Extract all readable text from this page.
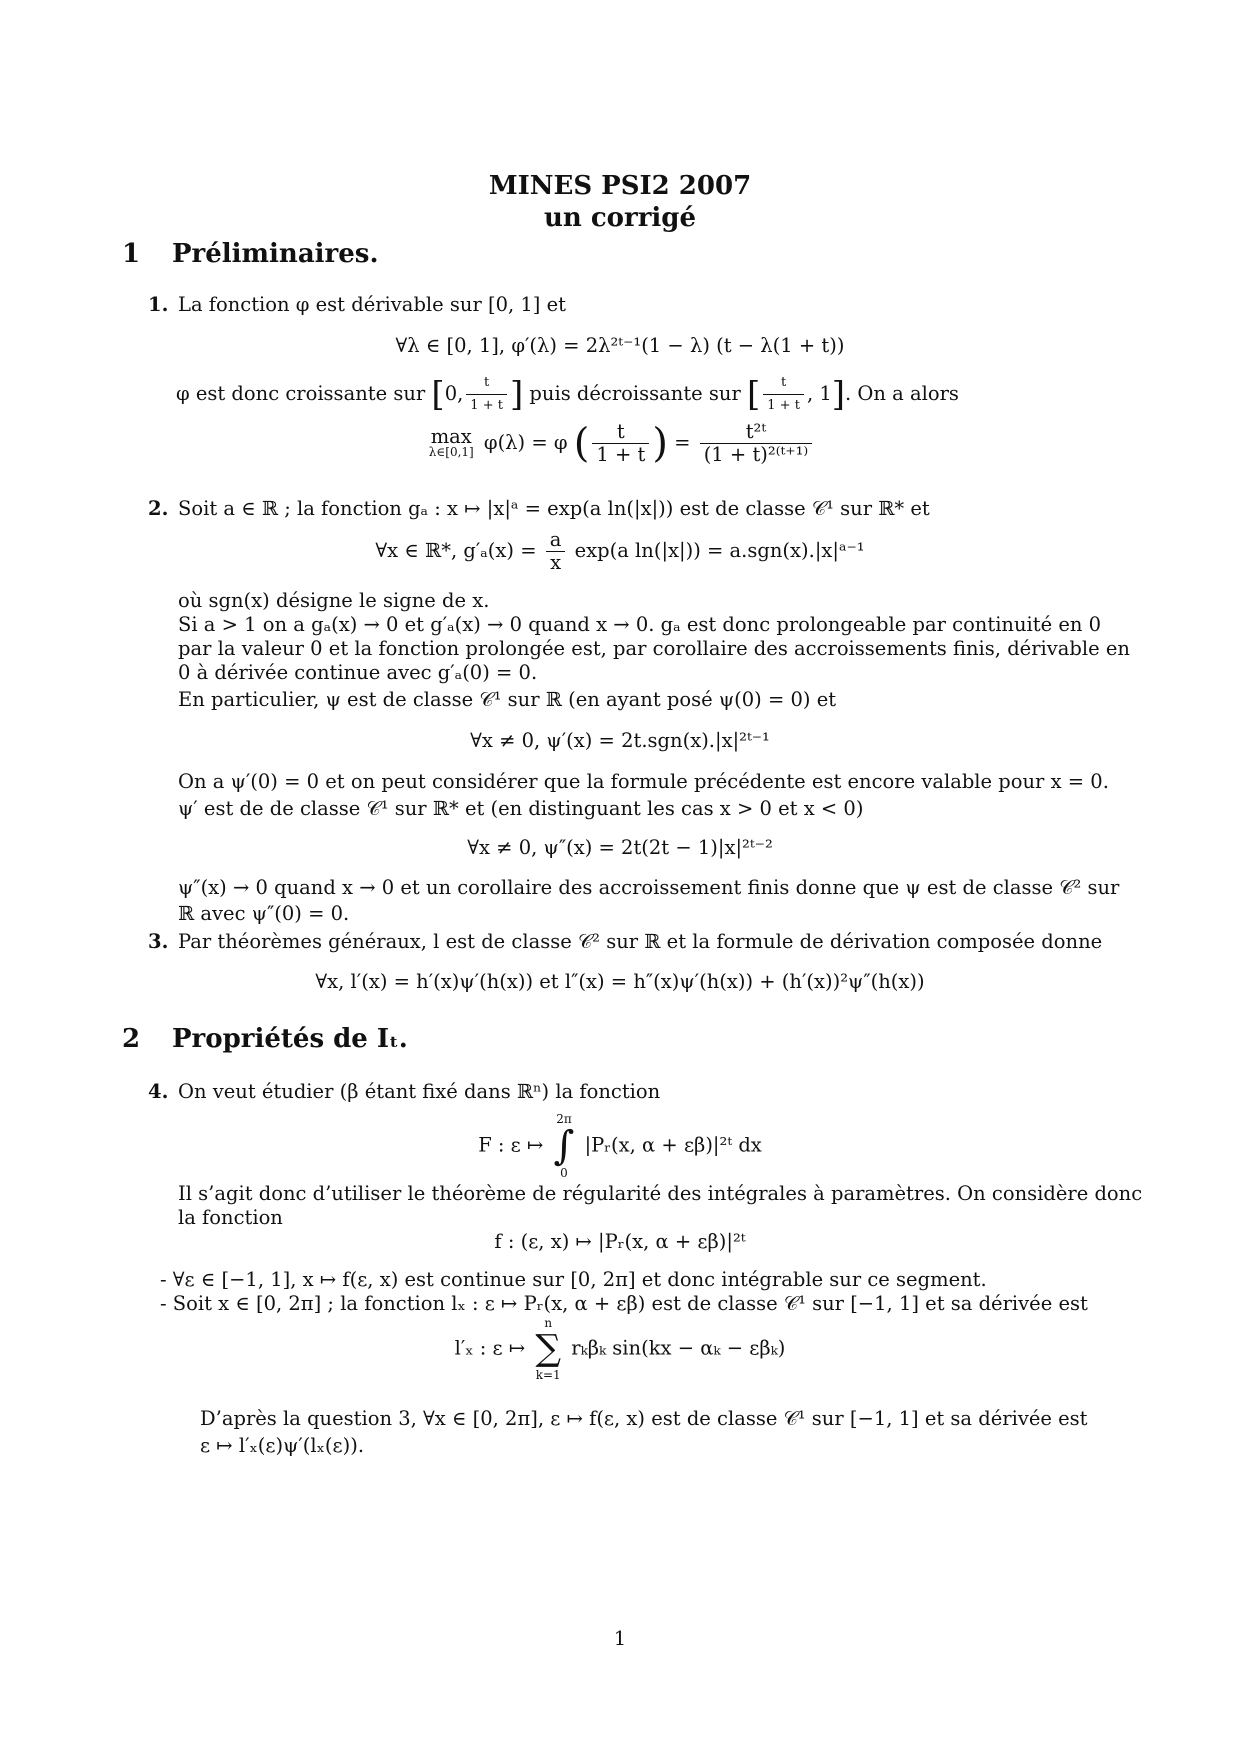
MINES PSI2 2007
un corrigé
1 Préliminaires.
1. La fonction φ est dérivable sur [0, 1] et
∀λ ∈ [0, 1], φ′(λ) = 2λ²ᵗ⁻¹(1 − λ) (t − λ(1 + t))
φ est donc croissante sur [0, $\frac{t}{1 + t}$ ] puis décroissante sur [ $\frac{t}{1 + t}$ , 1]. On a alors
max
λ∈[0,1] φ(λ) = φ ( $\frac{t}{1 + t}$ ) = $\frac{\text{t²ᵗ}}{\text{(1 + t)²⁽ᵗ⁺¹⁾}}$
2. Soit a ∈ ℝ ; la fonction gₐ : x ↦ |x|ᵃ = exp(a ln(|x|)) est de classe 𝒞¹ sur ℝ* et
∀x ∈ ℝ*, $g'_a(x) = \frac{a}{x} \exp(a$ ln(|x|)) = a.sgn(x).|x|ᵃ⁻¹
où sgn(x) désigne le signe de x.
Si a > 1 on a gₐ(x) → 0 et g′ₐ(x) → 0 quand x → 0. gₐ est donc prolongeable par continuité en 0
par la valeur 0 et la fonction prolongée est, par corollaire des accroissements finis, dérivable en
0 à dérivée continue avec g′ₐ(0) = 0.
En particulier, ψ est de classe 𝒞¹ sur ℝ (en ayant posé ψ(0) = 0) et
∀x ≠ 0, ψ′(x) = 2t.sgn(x).|x|²ᵗ⁻¹
On a ψ′(0) = 0 et on peut considérer que la formule précédente est encore valable pour x = 0.
ψ′ est de de classe 𝒞¹ sur ℝ* et (en distinguant les cas x > 0 et x < 0)
∀x ≠ 0, ψ″(x) = 2t(2t − 1)|x|²ᵗ⁻²
ψ″(x) → 0 quand x → 0 et un corollaire des accroissement finis donne que ψ est de classe 𝒞² sur
ℝ avec ψ″(0) = 0.
3. Par théorèmes généraux, l est de classe 𝒞² sur ℝ et la formule de dérivation composée donne
∀x, l′(x) = h′(x)ψ′(h(x)) et l″(x) = h″(x)ψ′(h(x)) + (h′(x))²ψ″(h(x))
2 Propriétés de Iₜ.
4. On veut étudier (β étant fixé dans ℝⁿ) la fonction
F : ε ↦
2π
∫
0
|Pᵣ(x, α + εβ)|²ᵗ dx
Il s’agit donc d’utiliser le théorème de régularité des intégrales à paramètres. On considère donc
la fonction
f : (ε, x) ↦ |Pᵣ(x, α + εβ)|²ᵗ
- ∀ε ∈ [−1, 1], x ↦ f(ε, x) est continue sur [0, 2π] et donc intégrable sur ce segment.
- Soit x ∈ [0, 2π] ; la fonction lₓ : ε ↦ Pᵣ(x, α + εβ) est de classe 𝒞¹ sur [−1, 1] et sa dérivée est
l′ₓ : ε ↦
n
∑
k=1
rₖβₖ sin(kx − αₖ − εβₖ)
D’après la question 3, ∀x ∈ [0, 2π], ε ↦ f(ε, x) est de classe 𝒞¹ sur [−1, 1] et sa dérivée est
ε ↦ l′ₓ(ε)ψ′(lₓ(ε)).
1
